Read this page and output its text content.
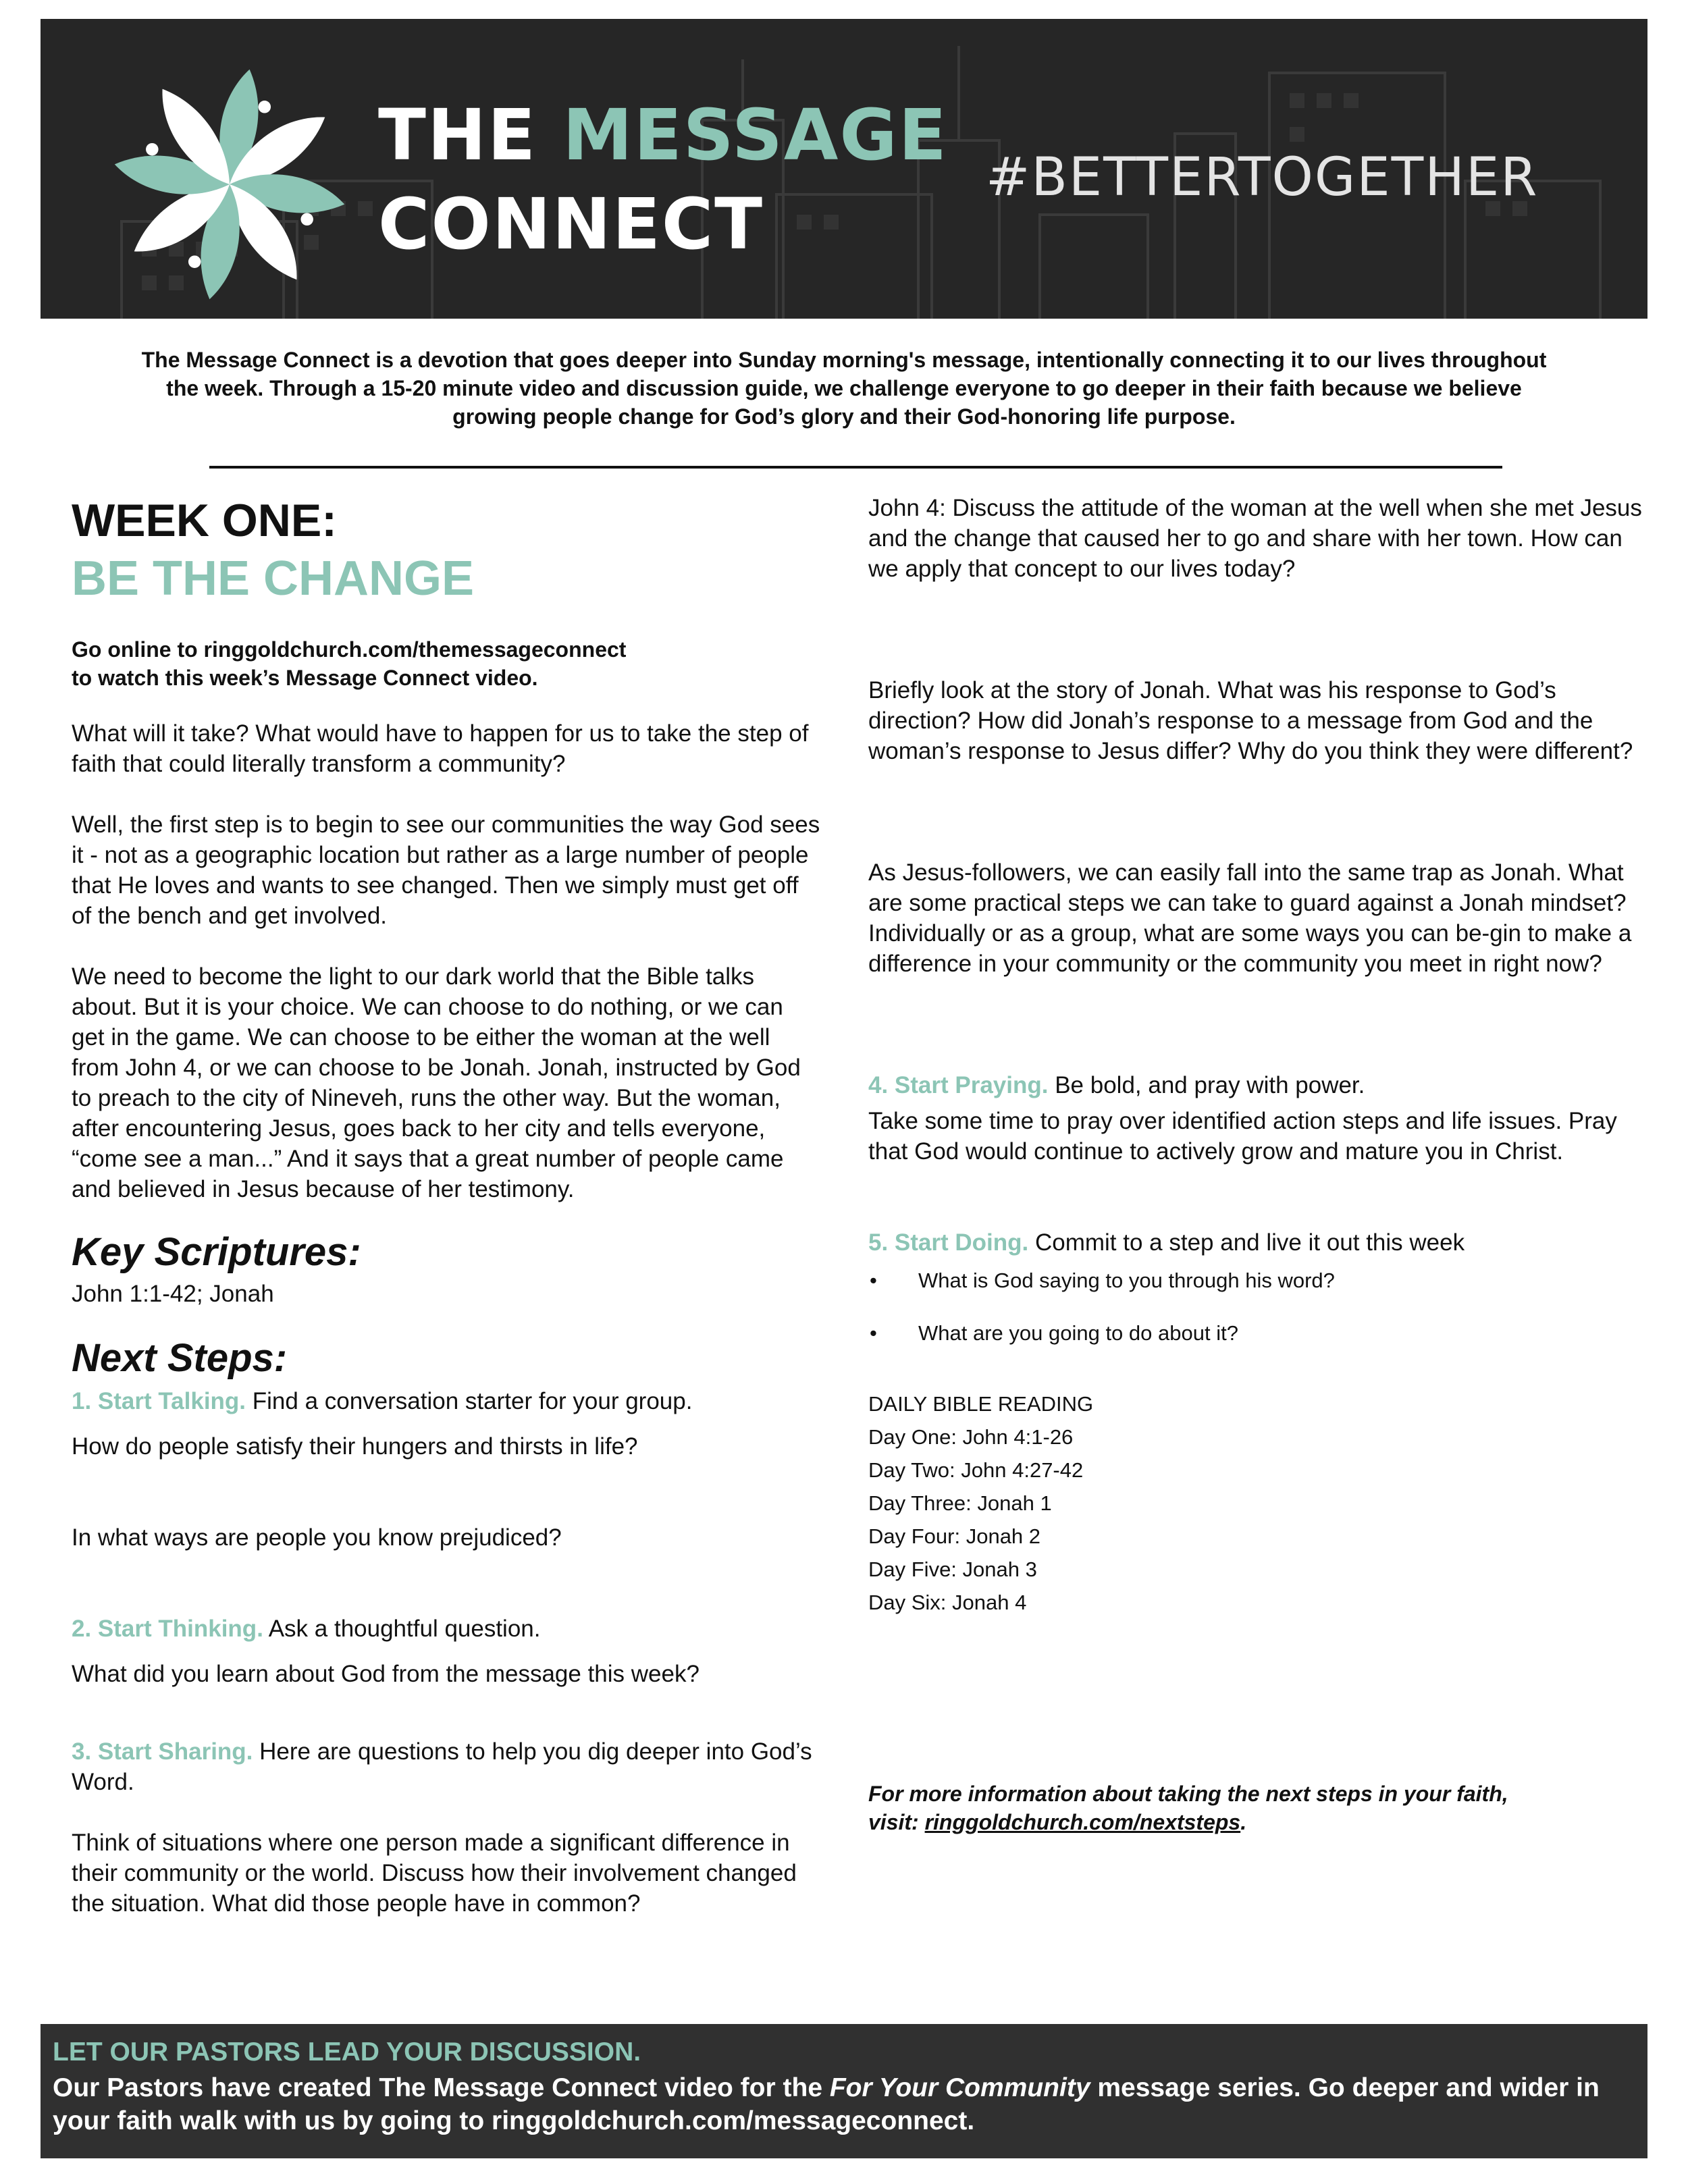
THE MESSAGE
CONNECT
#BETTERTOGETHER

The Message Connect is a devotion that goes deeper into Sunday morning's message, intentionally connecting it to our lives throughout the week. Through a 15-20 minute video and discussion guide, we challenge everyone to go deeper in their faith because we believe growing people change for God’s glory and their God-honoring life purpose.

WEEK ONE:
BE THE CHANGE

Go online to ringgoldchurch.com/themessageconnect
to watch this week’s Message Connect video.

What will it take? What would have to happen for us to take the step of faith that could literally transform a community?

Well, the first step is to begin to see our communities the way God sees it - not as a geographic location but rather as a large number of people that He loves and wants to see changed. Then we simply must get off of the bench and get involved.

We need to become the light to our dark world that the Bible talks about. But it is your choice. We can choose to do nothing, or we can get in the game. We can choose to be either the woman at the well from John 4, or we can choose to be Jonah. Jonah, instructed by God to preach to the city of Nineveh, runs the other way. But the woman, after encountering Jesus, goes back to her city and tells everyone, “come see a man...” And it says that a great number of people came and believed in Jesus because of her testimony.

Key Scriptures:

John 1:1-42; Jonah

Next Steps:

1. Start Talking. Find a conversation starter for your group.

How do people satisfy their hungers and thirsts in life?

In what ways are people you know prejudiced?

2. Start Thinking. Ask a thoughtful question.

What did you learn about God from the message this week?

3. Start Sharing. Here are questions to help you dig deeper into God’s Word.

Think of situations where one person made a significant difference in their community or the world. Discuss how their involvement changed the situation. What did those people have in common?

John 4: Discuss the attitude of the woman at the well when she met Jesus and the change that caused her to go and share with her town. How can we apply that concept to our lives today?

Briefly look at the story of Jonah. What was his response to God’s direction? How did Jonah’s response to a message from God and the woman’s response to Jesus differ? Why do you think they were different?

As Jesus-followers, we can easily fall into the same trap as Jonah. What are some practical steps we can take to guard against a Jonah mindset? Individually or as a group, what are some ways you can be-gin to make a difference in your community or the community you meet in right now?

4. Start Praying. Be bold, and pray with power.

Take some time to pray over identified action steps and life issues. Pray that God would continue to actively grow and mature you in Christ.

5. Start Doing. Commit to a step and live it out this week

• What is God saying to you through his word?
• What are you going to do about it?

DAILY BIBLE READING

Day One: John 4:1-26

Day Two: John 4:27-42

Day Three: Jonah 1

Day Four: Jonah 2

Day Five: Jonah 3

Day Six: Jonah 4

For more information about taking the next steps in your faith,
visit: ringgoldchurch.com/nextsteps.

LET OUR PASTORS LEAD YOUR DISCUSSION.
Our Pastors have created The Message Connect video for the For Your Community message series. Go deeper and wider in your faith walk with us by going to ringgoldchurch.com/messageconnect.
